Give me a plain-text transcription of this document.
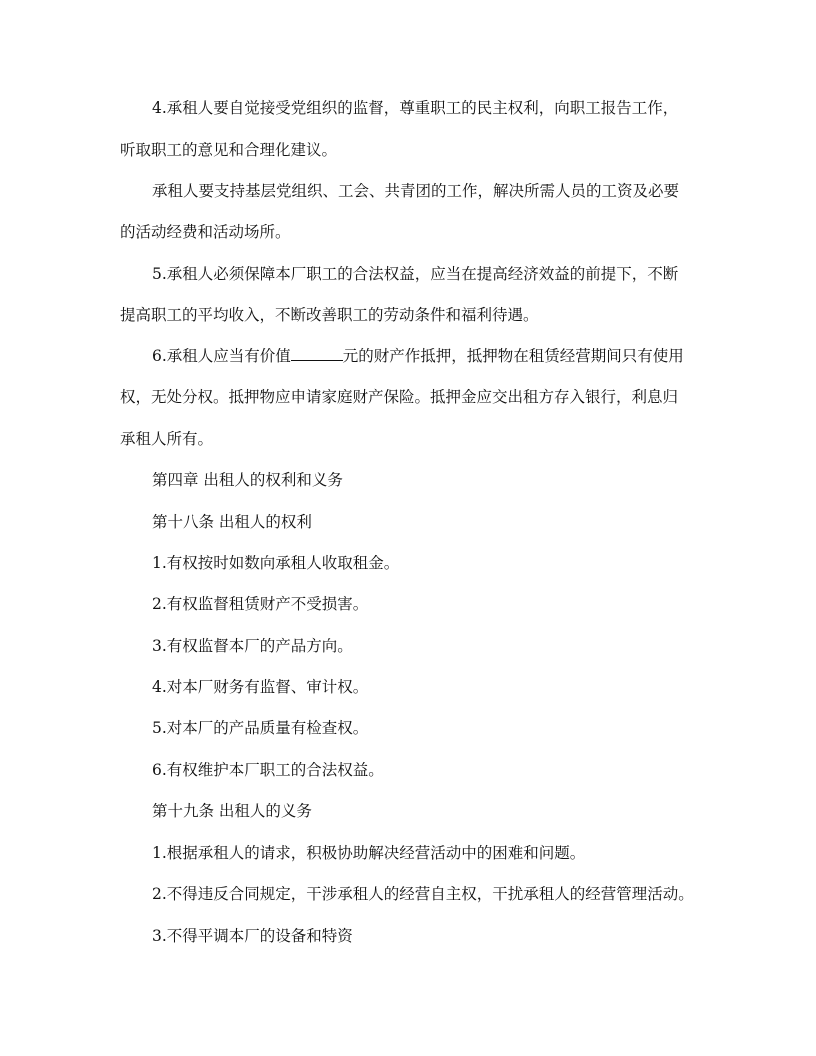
4.承租人要自觉接受党组织的监督，尊重职工的民主权利，向职工报告工作，
听取职工的意见和合理化建议。
承租人要支持基层党组织、工会、共青团的工作，解决所需人员的工资及必要
的活动经费和活动场所。
5.承租人必须保障本厂职工的合法权益，应当在提高经济效益的前提下，不断
提高职工的平均收入，不断改善职工的劳动条件和福利待遇。
6.承租人应当有价值	元的财产作抵押，抵押物在租赁经营期间只有使用
权，无处分权。抵押物应申请家庭财产保险。抵押金应交出租方存入银行，利息归
承租人所有。
第四章 出租人的权利和义务
第十八条 出租人的权利
1.有权按时如数向承租人收取租金。
2.有权监督租赁财产不受损害。
3.有权监督本厂的产品方向。
4.对本厂财务有监督、审计权。
5.对本厂的产品质量有检查权。
6.有权维护本厂职工的合法权益。
第十九条 出租人的义务
1.根据承租人的请求，积极协助解决经营活动中的困难和问题。
2.不得违反合同规定，干涉承租人的经营自主权，干扰承租人的经营管理活动。
3.不得平调本厂的设备和特资
